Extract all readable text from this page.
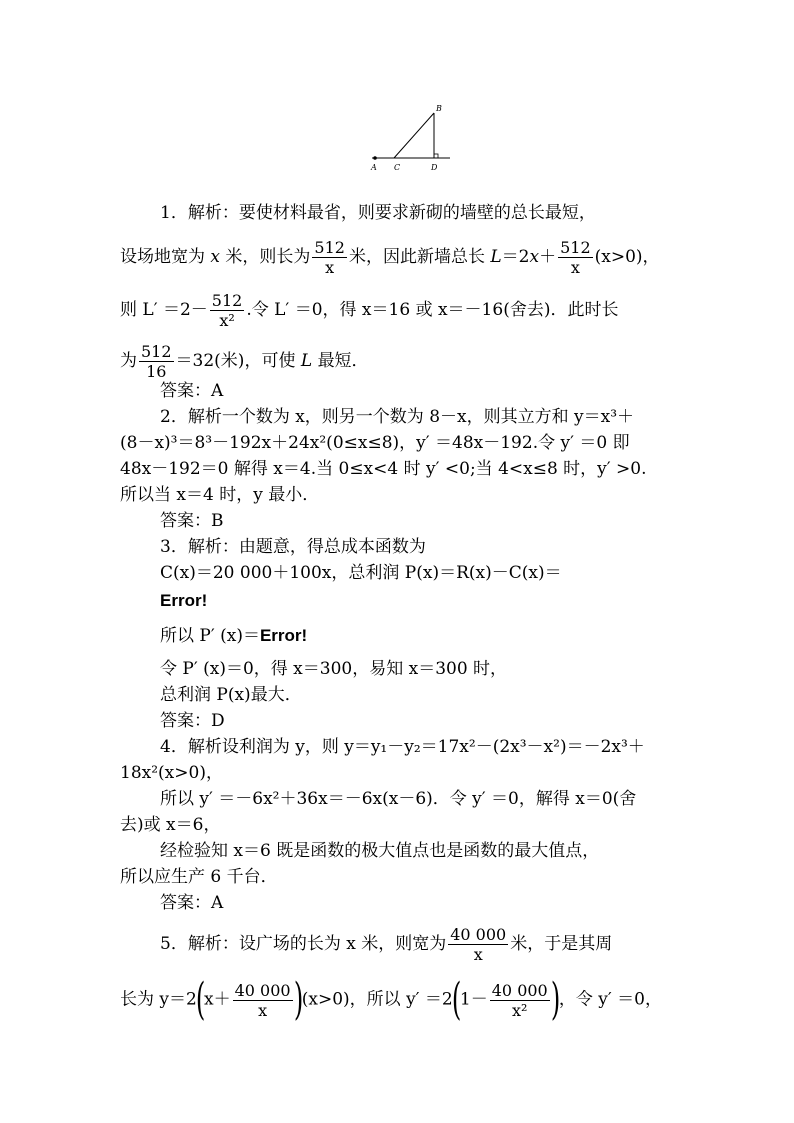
A
B
C	D
1．解析：要使材料最省，则要求新砌的墙壁的总长最短，
设场地宽为 x 米，则长为 $\frac{512}{x}$ 米，因此新墙总长 $L=2x+ \frac{512}{x} (x>0)$，
则 $L' =2- \frac{512}{\text{x²}}$ .令 L′ ＝0，得 x＝16 或 x＝－16(舍去)．此时长
为 $\frac{512}{16} =32$(米)，可使 L 最短．
答案：A
2．解析一个数为 x，则另一个数为 8－x，则其立方和 y＝x³＋
(8－x)³＝8³－192x＋24x²(0≤x≤8)，y′ ＝48x－192.令 y′ ＝0 即
48x－192＝0 解得 x＝4.当 0≤x<4 时 y′ <0;当 4<x≤8 时，y′ >0.
所以当 x＝4 时，y 最小．
答案：B
3．解析：由题意，得总成本函数为
C(x)＝20 000＋100x，总利润 P(x)＝R(x)－C(x)＝
Error!
所以 P′ (x)＝Error!
令 P′ (x)＝0，得 x＝300，易知 x＝300 时，
总利润 P(x)最大．
答案：D
4．解析设利润为 y，则 y＝y₁－y₂＝17x²－(2x³－x²)＝－2x³＋
18x²(x>0)，
所以 y′ ＝－6x²＋36x＝－6x(x－6)．令 y′ ＝0，解得 x＝0(舍
去)或 x＝6，
经检验知 x＝6 既是函数的极大值点也是函数的最大值点，
所以应生产 6 千台．
答案：A
5．解析：设广场的长为 x 米，则宽为 $\frac{40 000}{x}$ 米，于是其周
长为 $y=2(x+ \frac{40 000}{x} )(x>0)$，所以 $y' =2(1- \frac{40 000}{\text{x²}}$ )，令 y′ ＝0，
